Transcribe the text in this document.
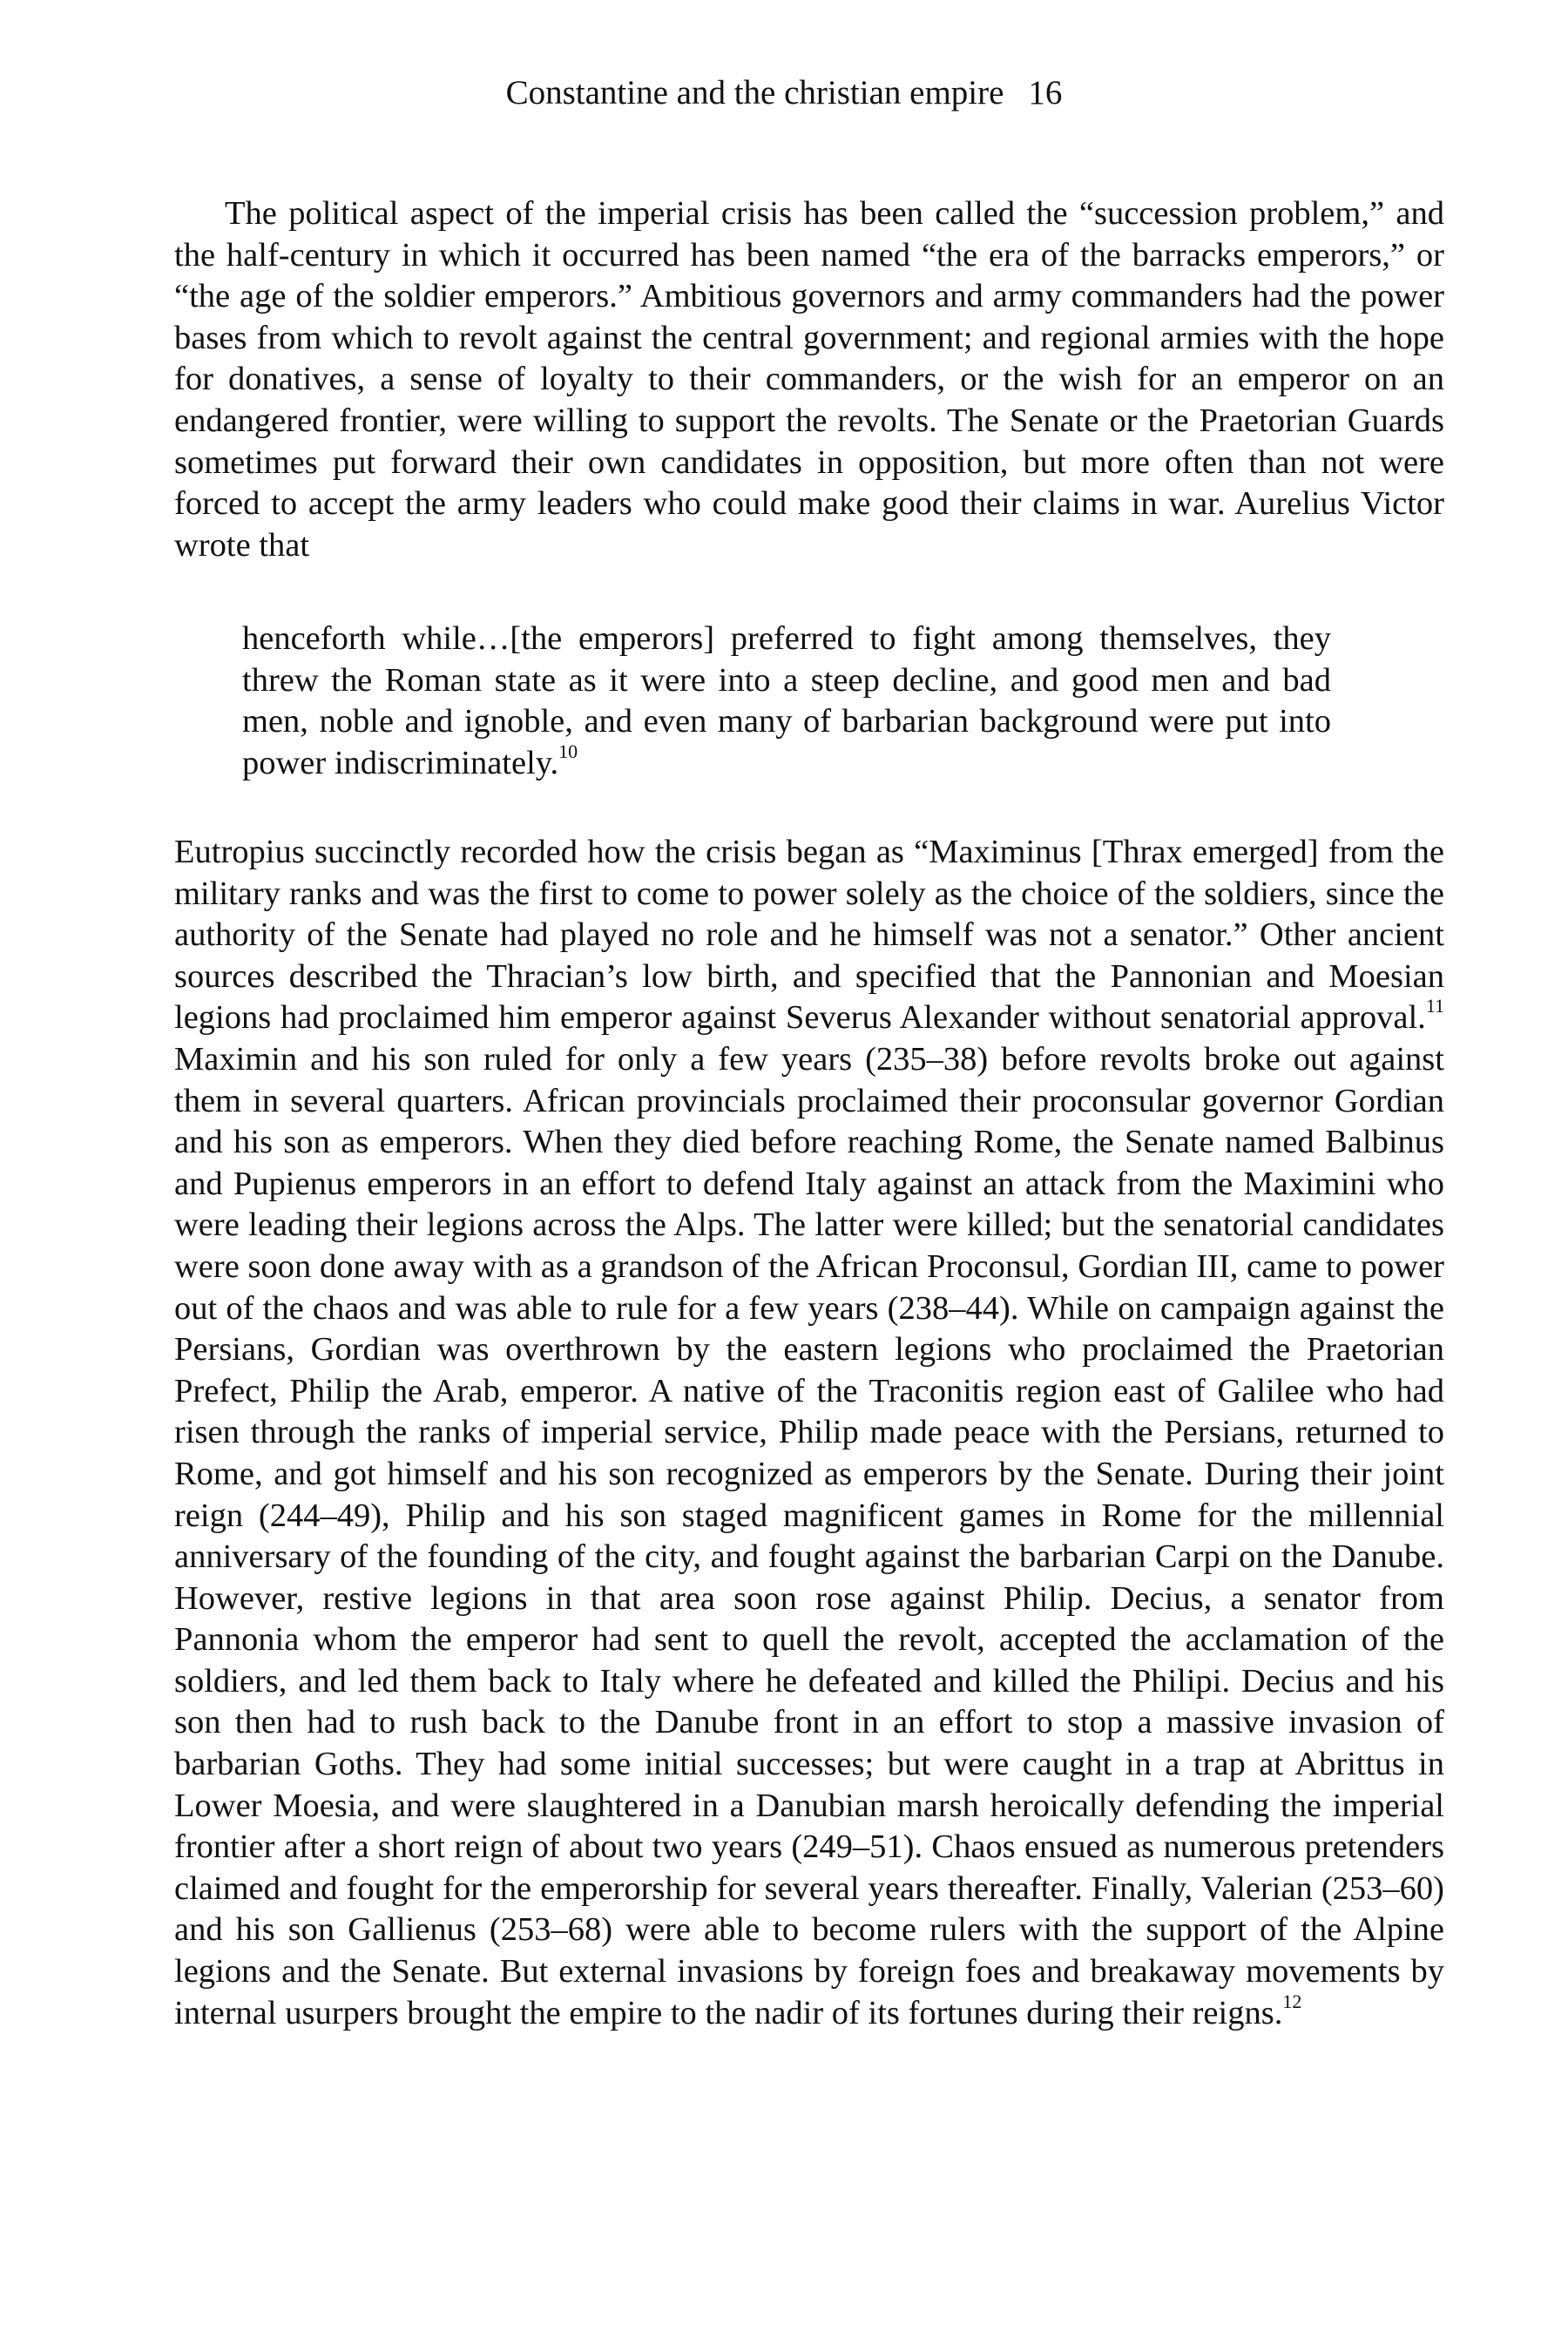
Constantine and the christian empire 16

The political aspect of the imperial crisis has been called the “succession problem,” and the half-century in which it occurred has been named “the era of the barracks emperors,” or “the age of the soldier emperors.” Ambitious governors and army commanders had the power bases from which to revolt against the central government; and regional armies with the hope for donatives, a sense of loyalty to their commanders, or the wish for an emperor on an endangered frontier, were willing to support the revolts. The Senate or the Praetorian Guards sometimes put forward their own candidates in opposition, but more often than not were forced to accept the army leaders who could make good their claims in war. Aurelius Victor wrote that

henceforth while…[the emperors] preferred to fight among themselves, they threw the Roman state as it were into a steep decline, and good men and bad men, noble and ignoble, and even many of barbarian background were put into power indiscriminately.$^{10}$

Eutropius succinctly recorded how the crisis began as “Maximinus [Thrax emerged] from the military ranks and was the first to come to power solely as the choice of the soldiers, since the authority of the Senate had played no role and he himself was not a senator.” Other ancient sources described the Thracian’s low birth, and specified that the Pannonian and Moesian legions had proclaimed him emperor against Severus Alexander without senatorial approval.$^{11}$ Maximin and his son ruled for only a few years (235–38) before revolts broke out against them in several quarters. African provincials proclaimed their proconsular governor Gordian and his son as emperors. When they died before reaching Rome, the Senate named Balbinus and Pupienus emperors in an effort to defend Italy against an attack from the Maximini who were leading their legions across the Alps. The latter were killed; but the senatorial candidates were soon done away with as a grandson of the African Proconsul, Gordian III, came to power out of the chaos and was able to rule for a few years (238–44). While on campaign against the Persians, Gordian was overthrown by the eastern legions who proclaimed the Praetorian Prefect, Philip the Arab, emperor. A native of the Traconitis region east of Galilee who had risen through the ranks of imperial service, Philip made peace with the Persians, returned to Rome, and got himself and his son recognized as emperors by the Senate. During their joint reign (244–49), Philip and his son staged magnificent games in Rome for the millennial anniversary of the founding of the city, and fought against the barbarian Carpi on the Danube. However, restive legions in that area soon rose against Philip. Decius, a senator from Pannonia whom the emperor had sent to quell the revolt, accepted the acclamation of the soldiers, and led them back to Italy where he defeated and killed the Philipi. Decius and his son then had to rush back to the Danube front in an effort to stop a massive invasion of barbarian Goths. They had some initial successes; but were caught in a trap at Abrittus in Lower Moesia, and were slaughtered in a Danubian marsh heroically defending the imperial frontier after a short reign of about two years (249–51). Chaos ensued as numerous pretenders claimed and fought for the emperorship for several years thereafter. Finally, Valerian (253–60) and his son Gallienus (253–68) were able to become rulers with the support of the Alpine legions and the Senate. But external invasions by foreign foes and breakaway movements by internal usurpers brought the empire to the nadir of its fortunes during their reigns.$^{12}$
